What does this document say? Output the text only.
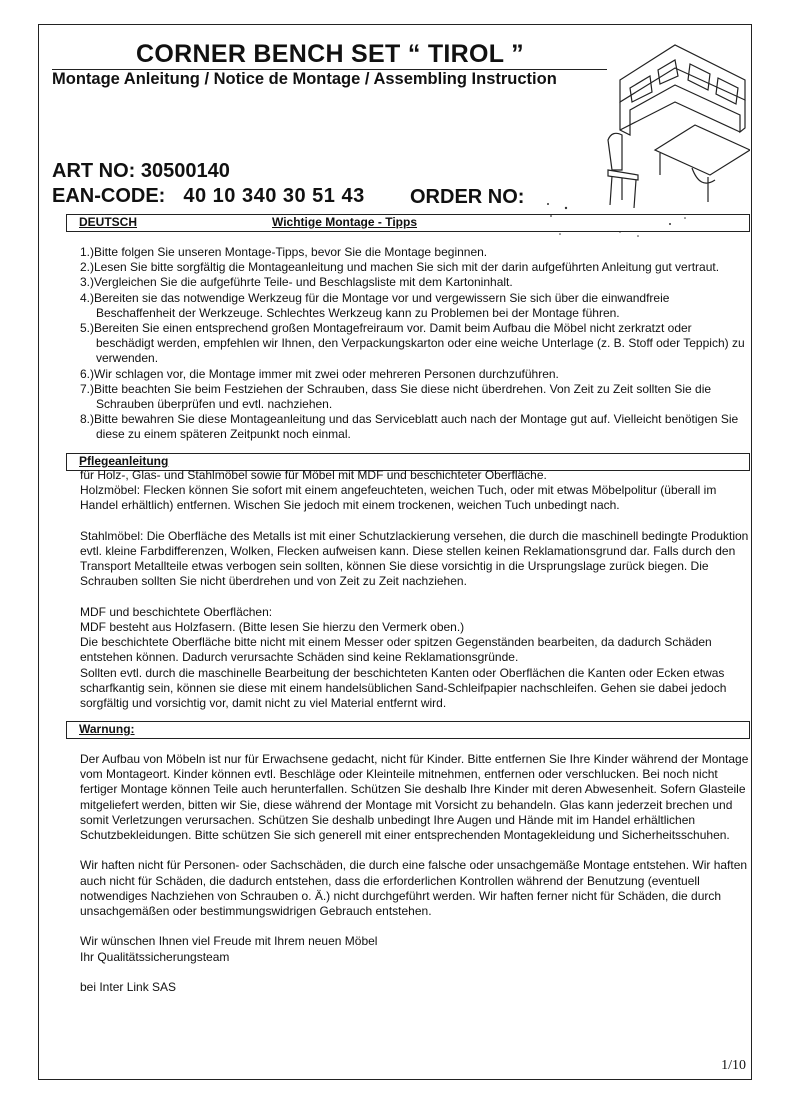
CORNER BENCH SET “ TIROL ”
Montage Anleitung / Notice de Montage / Assembling Instruction
ART NO: 30500140
EAN-CODE: 40 10 340 30 51 43 ORDER NO:
DEUTSCH	Wichtige Montage - Tipps
1.)Bitte folgen Sie unseren Montage-Tipps, bevor Sie die Montage beginnen.
2.)Lesen Sie bitte sorgfältig die Montageanleitung und machen Sie sich mit der darin aufgeführten Anleitung gut vertraut.
3.)Vergleichen Sie die aufgeführte Teile- und Beschlagsliste mit dem Kartoninhalt.
4.)Bereiten sie das notwendige Werkzeug für die Montage vor und vergewissern Sie sich über die einwandfreie Beschaffenheit der Werkzeuge. Schlechtes Werkzeug kann zu Problemen bei der Montage führen.
5.)Bereiten Sie einen entsprechend großen Montagefreiraum vor. Damit beim Aufbau die Möbel nicht zerkratzt oder beschädigt werden, empfehlen wir Ihnen, den Verpackungskarton oder eine weiche Unterlage (z. B. Stoff oder Teppich) zu verwenden.
6.)Wir schlagen vor, die Montage immer mit zwei oder mehreren Personen durchzuführen.
7.)Bitte beachten Sie beim Festziehen der Schrauben, dass Sie diese nicht überdrehen. Von Zeit zu Zeit sollten Sie die Schrauben überprüfen und evtl. nachziehen.
8.)Bitte bewahren Sie diese Montageanleitung und das Serviceblatt auch nach der Montage gut auf. Vielleicht benötigen Sie diese zu einem späteren Zeitpunkt noch einmal.
Pflegeanleitung

für Holz-, Glas- und Stahlmöbel sowie für Möbel mit MDF und beschichteter Oberfläche.

Holzmöbel: Flecken können Sie sofort mit einem angefeuchteten, weichen Tuch, oder mit etwas Möbelpolitur (überall im Handel erhältlich) entfernen. Wischen Sie jedoch mit einem trockenen, weichen Tuch unbedingt nach.

Stahlmöbel: Die Oberfläche des Metalls ist mit einer Schutzlackierung versehen, die durch die maschinell bedingte Produktion evtl. kleine Farbdifferenzen, Wolken, Flecken aufweisen kann. Diese stellen keinen Reklamationsgrund dar. Falls durch den Transport Metallteile etwas verbogen sein sollten, können Sie diese vorsichtig in die Ursprungslage zurück biegen. Die Schrauben sollten Sie nicht überdrehen und von Zeit zu Zeit nachziehen.

MDF und beschichtete Oberflächen:

MDF besteht aus Holzfasern. (Bitte lesen Sie hierzu den Vermerk oben.)

Die beschichtete Oberfläche bitte nicht mit einem Messer oder spitzen Gegenständen bearbeiten, da dadurch Schäden entstehen können. Dadurch verursachte Schäden sind keine Reklamationsgründe.

Sollten evtl. durch die maschinelle Bearbeitung der beschichteten Kanten oder Oberflächen die Kanten oder Ecken etwas scharfkantig sein, können sie diese mit einem handelsüblichen Sand-Schleifpapier nachschleifen. Gehen sie dabei jedoch sorgfältig und vorsichtig vor, damit nicht zu viel Material entfernt wird.

Warnung:

Der Aufbau von Möbeln ist nur für Erwachsene gedacht, nicht für Kinder. Bitte entfernen Sie Ihre Kinder während der Montage vom Montageort. Kinder können evtl. Beschläge oder Kleinteile mitnehmen, entfernen oder verschlucken. Bei noch nicht fertiger Montage können Teile auch herunterfallen. Schützen Sie deshalb Ihre Kinder mit deren Abwesenheit. Sofern Glasteile mitgeliefert werden, bitten wir Sie, diese während der Montage mit Vorsicht zu behandeln. Glas kann jederzeit brechen und somit Verletzungen verursachen. Schützen Sie deshalb unbedingt Ihre Augen und Hände mit im Handel erhältlichen Schutzbekleidungen. Bitte schützen Sie sich generell mit einer entsprechenden Montagekleidung und Sicherheitsschuhen.

Wir haften nicht für Personen- oder Sachschäden, die durch eine falsche oder unsachgemäße Montage entstehen. Wir haften auch nicht für Schäden, die dadurch entstehen, dass die erforderlichen Kontrollen während der Benutzung (eventuell notwendiges Nachziehen von Schrauben o. Ä.) nicht durchgeführt werden. Wir haften ferner nicht für Schäden, die durch unsachgemäßen oder bestimmungswidrigen Gebrauch entstehen.

Wir wünschen Ihnen viel Freude mit Ihrem neuen Möbel

Ihr Qualitätssicherungsteam

bei Inter Link SAS

1/10
